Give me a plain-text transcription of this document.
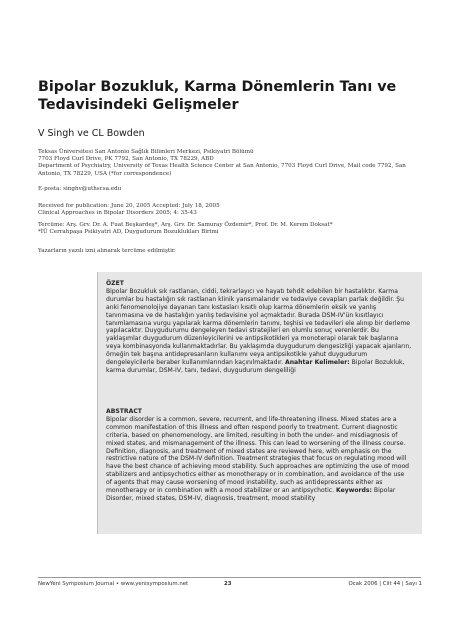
Bipolar Bozukluk, Karma Dönemlerin Tanı ve Tedavisindeki Gelişmeler
V Singh ve CL Bowden
Teksas Üniversitesi San Antonio Sağlık Bilimleri Merkezi, Psikiyatri Bölümü
7703 Floyd Curl Drive, PK 7792, San Antonio, TX 78229, ABD
Department of Psychiatry, University of Texas Health Science Center at San Antonio, 7703 Floyd Curl Drive, Mail code 7792, San Antonio, TX 78229, USA (*for correspondence)
E-posta: singhv@uthscsa.edu
Received for publication: June 20, 2005 Accepted: July 18, 2005
Clinical Approaches in Bipolar Disorders 2005; 4: 35-43
Tercüme: Arş. Grv. Dr. A. Fuat Beşkardeş*, Arş. Grv. Dr. Samuray Özdemir*, Prof. Dr. M. Kerem Doksat*
*İÜ Cerrahpaşa Psikiyatri AD, Duygudurum Bozuklukları Birimi
Yazarların yazılı izni alınarak tercüme edilmiştir.
ÖZET
Bipolar Bozukluk sık rastlanan, ciddi, tekrarlayıcı ve hayatı tehdit edebilen bir hastalıktır. Karma durumlar bu hastalığın sık rastlanan klinik yansımalarıdır ve tedaviye cevapları parlak değildir. Şu anki fenomenolojiye dayanan tanı kıstasları kısıtlı olup karma dönemlerin eksik ve yanlış tanınmasına ve de hastalığın yanlış tedavisine yol açmaktadır. Burada DSM-IV'ün kısıtlayıcı tanımlamasına vurgu yapılarak karma dönemlerin tanımı, teşhisi ve tedavileri ele alınıp bir derleme yapılacaktır. Duygudurumu dengeleyen tedavi stratejileri en olumlu sonuç verenlerdir. Bu yaklaşımlar duygudurum düzenleyicilerini ve antipsikotikleri ya monoterapi olarak tek başlarına veya kombinasyonda kullanmaktadırlar. Bu yaklaşımda duygudurum dengesizliği yapacak ajanların, örneğin tek başına antidepresanların kullanımı veya antipsikotikle yahut duygudurum dengeleyicilerle beraber kullanımlarından kaçınılmaktadır. Anahtar Kelimeler: Bipolar Bozukluk, karma durumlar, DSM-IV, tanı, tedavi, duygudurum dengeliliği
ABSTRACT
Bipolar disorder is a common, severe, recurrent, and life-threatening illness. Mixed states are a common manifestation of this illness and often respond poorly to treatment. Current diagnostic criteria, based on phenomenology, are limited, resulting in both the under- and misdiagnosis of mixed states, and mismanagement of the illness. This can lead to worsening of the illness course. Definition, diagnosis, and treatment of mixed states are reviewed here, with emphasis on the restrictive nature of the DSM-IV definition. Treatment strategies that focus on regulating mood will have the best chance of achieving mood stability. Such approaches are optimizing the use of mood stabilizers and antipsychotics either as monotherapy or in combination, and avoidance of the use of agents that may cause worsening of mood instability, such as antidepressants either as monotherapy or in combination with a mood stabilizer or an antipsychotic. Keywords: Bipolar Disorder, mixed states, DSM-IV, diagnosis, treatment, mood stability
NewYeni Symposium Journal • www.yenisymposium.net	23	Ocak 2006 | Cilt 44 | Sayı 1
